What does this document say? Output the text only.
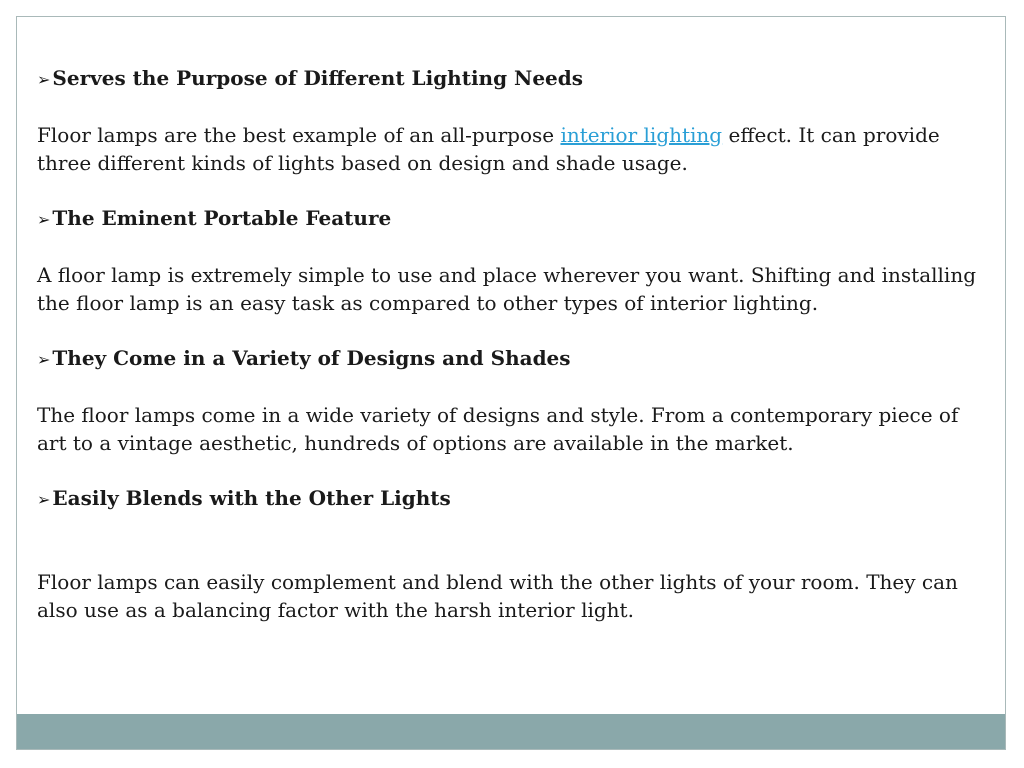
➢ Serves the Purpose of Different Lighting Needs

Floor lamps are the best example of an all-purpose interior lighting effect. It can provide three different kinds of lights based on design and shade usage.

➢ The Eminent Portable Feature

A floor lamp is extremely simple to use and place wherever you want. Shifting and installing the floor lamp is an easy task as compared to other types of interior lighting.

➢ They Come in a Variety of Designs and Shades

The floor lamps come in a wide variety of designs and style. From a contemporary piece of art to a vintage aesthetic, hundreds of options are available in the market.

➢ Easily Blends with the Other Lights

Floor lamps can easily complement and blend with the other lights of your room. They can also use as a balancing factor with the harsh interior light.
